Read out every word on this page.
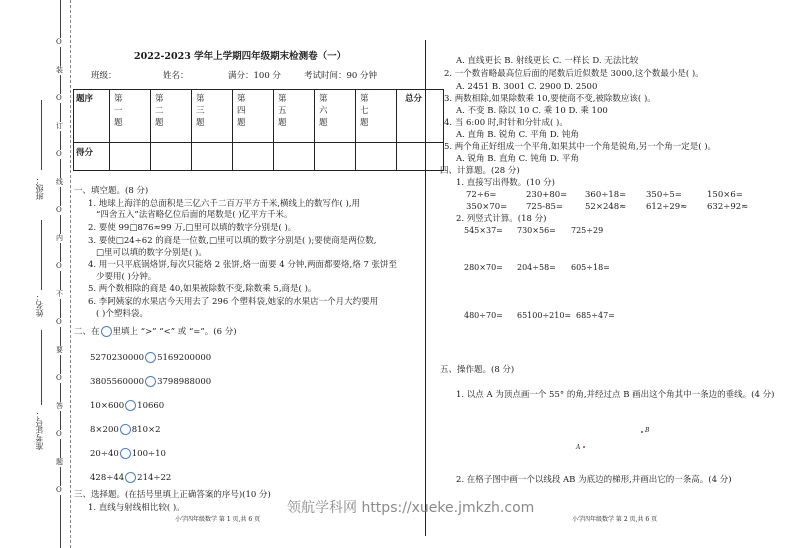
班级：
姓名：
准考证号：
O
装
O
订
O
线
O
内
O
不
O
要
O
答
O
题
O
2022-2023 学年上学期四年级期末检测卷（一）
班级：	姓名：	满分：100 分	考试时间：90 分钟
题序	第一题	第二题	第三题	第四题	第五题	第六题	第七题	总分
得分								
一、填空题。(8 分)
1. 地球上海洋的总面积是三亿六千二百万平方千米,横线上的数写作( ),用
“四舍五入”法省略亿位后面的尾数是( )亿平方千米。
2. 要使 99□876≈99 万,□里可以填的数字分别是( )。
3. 要使□24÷62 的商是一位数,□里可以填的数字分别是( );要使商是两位数,
□里可以填的数字分别是( )。
4. 用一只平底锅烙饼,每次只能烙 2 张饼,烙一面要 4 分钟,两面都要烙,烙 7 张饼至
少要用( )分钟。
5. 两个数相除的商是 40,如果被除数不变,除数乘 5,商是( )。
6. 李阿姨家的水果店今天用去了 296 个塑料袋,她家的水果店一个月大约要用
( )个塑料袋。
二、在 里填上 “>” “<” 或 “=”。(6 分)
5270230000 5169200000
3805560000 3798988000
10×600 10660
8×200 810×2
20÷40 100÷10
428÷44 214÷22
三、选择题。(在括号里填上正确答案的序号)(10 分)
1. 直线与射线相比较( )。
小学四年级数学 第 1 页,共 6 页
A. 直线更长 B. 射线更长 C. 一样长 D. 无法比较
2. 一个数省略最高位后面的尾数后近似数是 3000,这个数最小是( )。
A. 2451 B. 3001 C. 2900 D. 2500
3. 两数相除,如果除数乘 10,要使商不变,被除数应该( )。
A. 不变 B. 除以 10 C. 乘 10 D. 乘 100
4. 当 6:00 时,时针和分针成( )。
A. 直角 B. 锐角 C. 平角 D. 钝角
5. 两个角正好组成一个平角,如果其中一个角是锐角,另一个角一定是( )。
A. 锐角 B. 直角 C. 钝角 D. 平角
四、计算题。(28 分)
1. 直接写出得数。(10 分)
72÷6=	230+80= 360÷18= 350÷5=	150×6=
350×70= 725-85=	52×248≈ 612÷29≈ 632÷92≈
2. 列竖式计算。(18 分)
545×37= 730×56= 725÷29
280×70= 204÷58= 605÷18=
480÷70= 65100÷210= 685÷47=
五、操作题。(8 分)
1. 以点 A 为顶点画一个 55° 的角,并经过点 B 画出这个角其中一条边的垂线。(4 分)
B
A
2. 在格子图中画一个以线段 AB 为底边的梯形,并画出它的一条高。(4 分)
小学四年级数学 第 2 页,共 6 页
领航学科网 https://xueke.jmkzh.com
